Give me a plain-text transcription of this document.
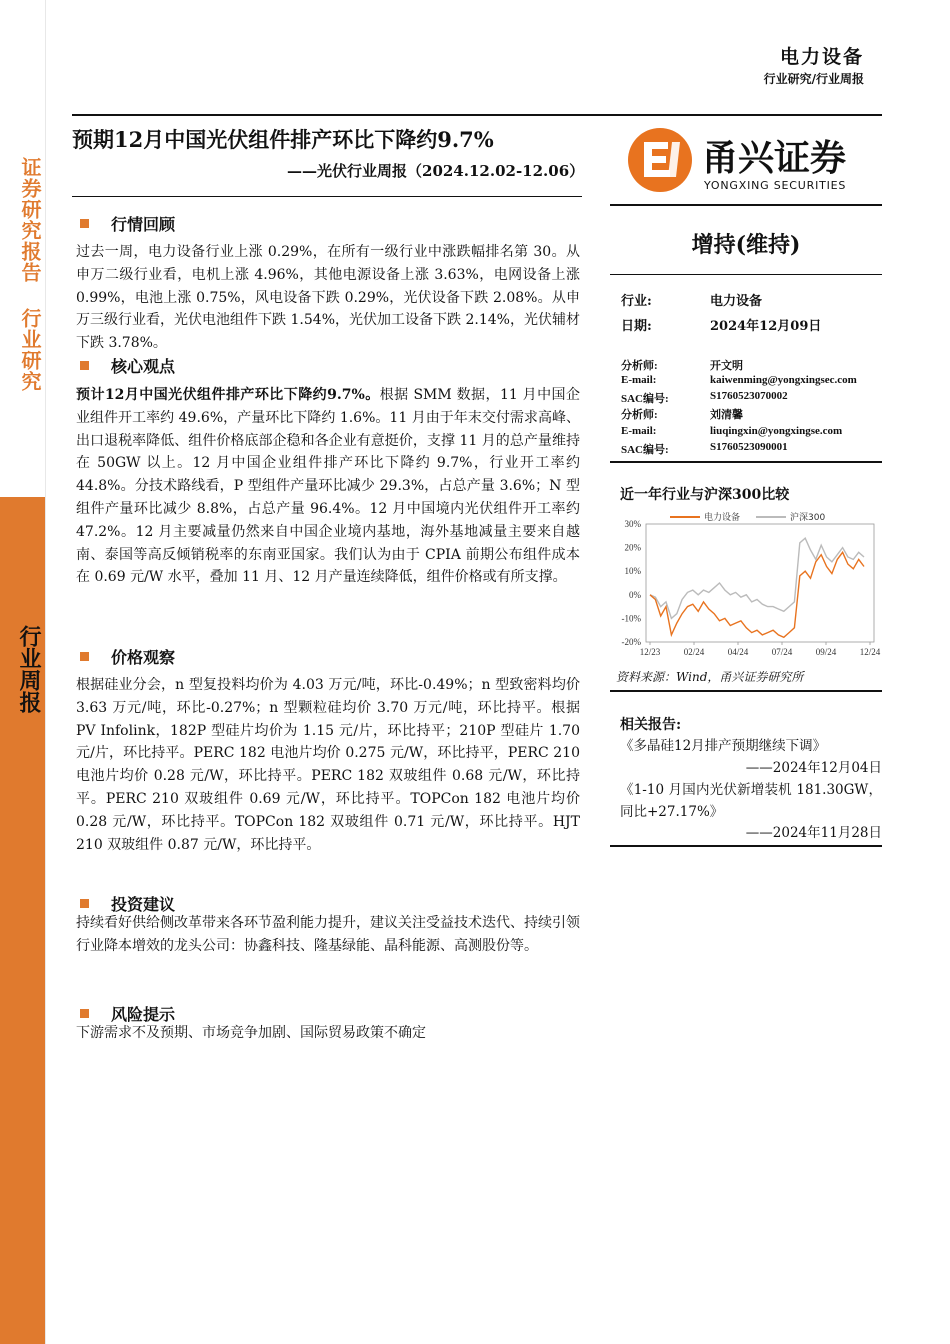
证券研究报告 行业研究
行业周报
电力设备
行业研究/行业周报
预期12月中国光伏组件排产环比下降约9.7%
——光伏行业周报（2024.12.02-12.06）	甬兴证券
YONGXING SECURITIES
行情回顾
过去一周，电力设备行业上涨 0.29%，在所有一级行业中涨跌幅排名第 30。从申万二级行业看，电机上涨 4.96%，其他电源设备上涨 3.63%，电网设备上涨 0.99%，电池上涨 0.75%，风电设备下跌 0.29%，光伏设备下跌 2.08%。从申万三级行业看，光伏电池组件下跌 1.54%，光伏加工设备下跌 2.14%，光伏辅材下跌 3.78%。
核心观点
预计12月中国光伏组件排产环比下降约9.7%。根据 SMM 数据，11 月中国企业组件开工率约 49.6%，产量环比下降约 1.6%。11 月由于年末交付需求高峰、出口退税率降低、组件价格底部企稳和各企业有意挺价，支撑 11 月的总产量维持在 50GW 以上。12 月中国企业组件排产环比下降约 9.7%，行业开工率约 44.8%。分技术路线看，P 型组件产量环比减少 29.3%，占总产量 3.6%；N 型组件产量环比减少 8.8%，占总产量 96.4%。12 月中国境内光伏组件开工率约 47.2%。12 月主要减量仍然来自中国企业境内基地，海外基地减量主要来自越南、泰国等高反倾销税率的东南亚国家。我们认为由于 CPIA 前期公布组件成本在 0.69 元/W 水平，叠加 11 月、12 月产量连续降低，组件价格或有所支撑。
价格观察
根据硅业分会，n 型复投料均价为 4.03 万元/吨，环比-0.49%；n 型致密料均价 3.63 万元/吨，环比-0.27%；n 型颗粒硅均价 3.70 万元/吨，环比持平。根据 PV Infolink，182P 型硅片均价为 1.15 元/片，环比持平；210P 型硅片 1.70 元/片，环比持平。PERC 182 电池片均价 0.275 元/W，环比持平，PERC 210 电池片均价 0.28 元/W，环比持平。PERC 182 双玻组件 0.68 元/W，环比持平。PERC 210 双玻组件 0.69 元/W，环比持平。TOPCon 182 电池片均价 0.28 元/W，环比持平。TOPCon 182 双玻组件 0.71 元/W，环比持平。HJT 210 双玻组件 0.87 元/W，环比持平。
投资建议
持续看好供给侧改革带来各环节盈利能力提升，建议关注受益技术迭代、持续引领行业降本增效的龙头公司：协鑫科技、隆基绿能、晶科能源、高测股份等。
风险提示
下游需求不及预期、市场竞争加剧、国际贸易政策不确定
增持(维持)
行业:	电力设备
日期:	2024年12月09日
分析师:	开文明
E-mail:	kaiwenming@yongxingsec.com
SAC编号:	S1760523070002
分析师:	刘清馨
E-mail:	liuqingxin@yongxingse.com
SAC编号:	S1760523090001
近一年行业与沪深300比较
30%
20%
10%
0%
-10%
-20%
12/23	02/24	04/24	07/24	09/24	12/24
电力设备	沪深300
资料来源：Wind，甬兴证券研究所
相关报告:
《多晶硅12月排产预期继续下调》
——2024年12月04日
《1-10 月国内光伏新增装机 181.30GW，同比+27.17%》
——2024年11月28日
